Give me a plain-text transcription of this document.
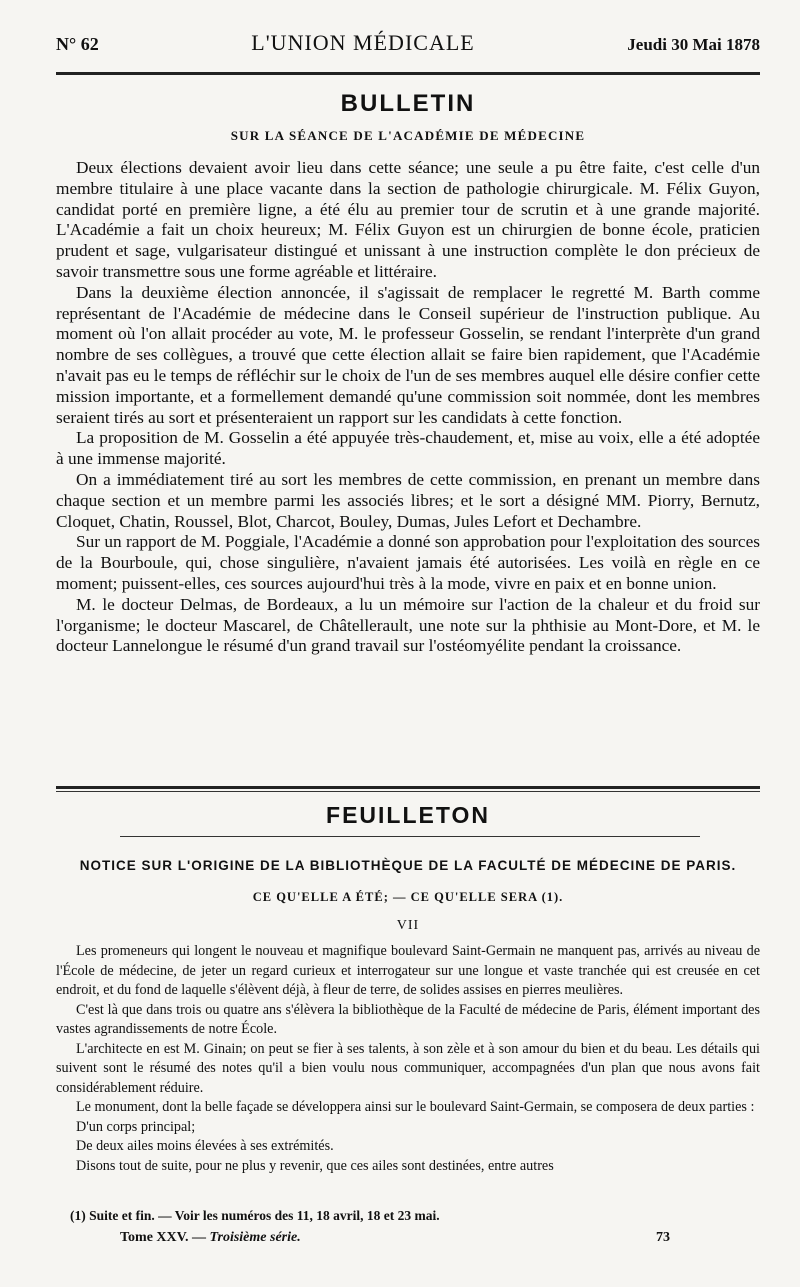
N° 62	L'UNION MÉDICALE	Jeudi 30 Mai 1878
BULLETIN
SUR LA SÉANCE DE L'ACADÉMIE DE MÉDECINE

Deux élections devaient avoir lieu dans cette séance; une seule a pu être faite, c'est celle d'un membre titulaire à une place vacante dans la section de pathologie chirurgicale. M. Félix Guyon, candidat porté en première ligne, a été élu au premier tour de scrutin et à une grande majorité. L'Académie a fait un choix heureux; M. Félix Guyon est un chirurgien de bonne école, praticien prudent et sage, vulgarisateur distingué et unissant à une instruction complète le don précieux de savoir transmettre sous une forme agréable et littéraire.

Dans la deuxième élection annoncée, il s'agissait de remplacer le regretté M. Barth comme représentant de l'Académie de médecine dans le Conseil supérieur de l'instruction publique. Au moment où l'on allait procéder au vote, M. le professeur Gosselin, se rendant l'interprète d'un grand nombre de ses collègues, a trouvé que cette élection allait se faire bien rapidement, que l'Académie n'avait pas eu le temps de réfléchir sur le choix de l'un de ses membres auquel elle désire confier cette mission importante, et a formellement demandé qu'une commission soit nommée, dont les membres seraient tirés au sort et présenteraient un rapport sur les candidats à cette fonction.

La proposition de M. Gosselin a été appuyée très-chaudement, et, mise au voix, elle a été adoptée à une immense majorité.

On a immédiatement tiré au sort les membres de cette commission, en prenant un membre dans chaque section et un membre parmi les associés libres; et le sort a désigné MM. Piorry, Bernutz, Cloquet, Chatin, Roussel, Blot, Charcot, Bouley, Dumas, Jules Lefort et Dechambre.

Sur un rapport de M. Poggiale, l'Académie a donné son approbation pour l'exploitation des sources de la Bourboule, qui, chose singulière, n'avaient jamais été autorisées. Les voilà en règle en ce moment; puissent-elles, ces sources aujourd'hui très à la mode, vivre en paix et en bonne union.

M. le docteur Delmas, de Bordeaux, a lu un mémoire sur l'action de la chaleur et du froid sur l'organisme; le docteur Mascarel, de Châtellerault, une note sur la phthisie au Mont-Dore, et M. le docteur Lannelongue le résumé d'un grand travail sur l'ostéomyélite pendant la croissance.

FEUILLETON
NOTICE SUR L'ORIGINE DE LA BIBLIOTHÈQUE DE LA FACULTÉ DE MÉDECINE DE PARIS.
CE QU'ELLE A ÉTÉ; — CE QU'ELLE SERA (1).
VII

Les promeneurs qui longent le nouveau et magnifique boulevard Saint-Germain ne manquent pas, arrivés au niveau de l'École de médecine, de jeter un regard curieux et interrogateur sur une longue et vaste tranchée qui est creusée en cet endroit, et du fond de laquelle s'élèvent déjà, à fleur de terre, de solides assises en pierres meulières.

C'est là que dans trois ou quatre ans s'élèvera la bibliothèque de la Faculté de médecine de Paris, élément important des vastes agrandissements de notre École.

L'architecte en est M. Ginain; on peut se fier à ses talents, à son zèle et à son amour du bien et du beau. Les détails qui suivent sont le résumé des notes qu'il a bien voulu nous communiquer, accompagnées d'un plan que nous avons fait considérablement réduire.

Le monument, dont la belle façade se développera ainsi sur le boulevard Saint-Germain, se composera de deux parties :

D'un corps principal;

De deux ailes moins élevées à ses extrémités.

Disons tout de suite, pour ne plus y revenir, que ces ailes sont destinées, entre autres

(1) Suite et fin. — Voir les numéros des 11, 18 avril, 18 et 23 mai.
Tome XXV. — Troisième série.	73
